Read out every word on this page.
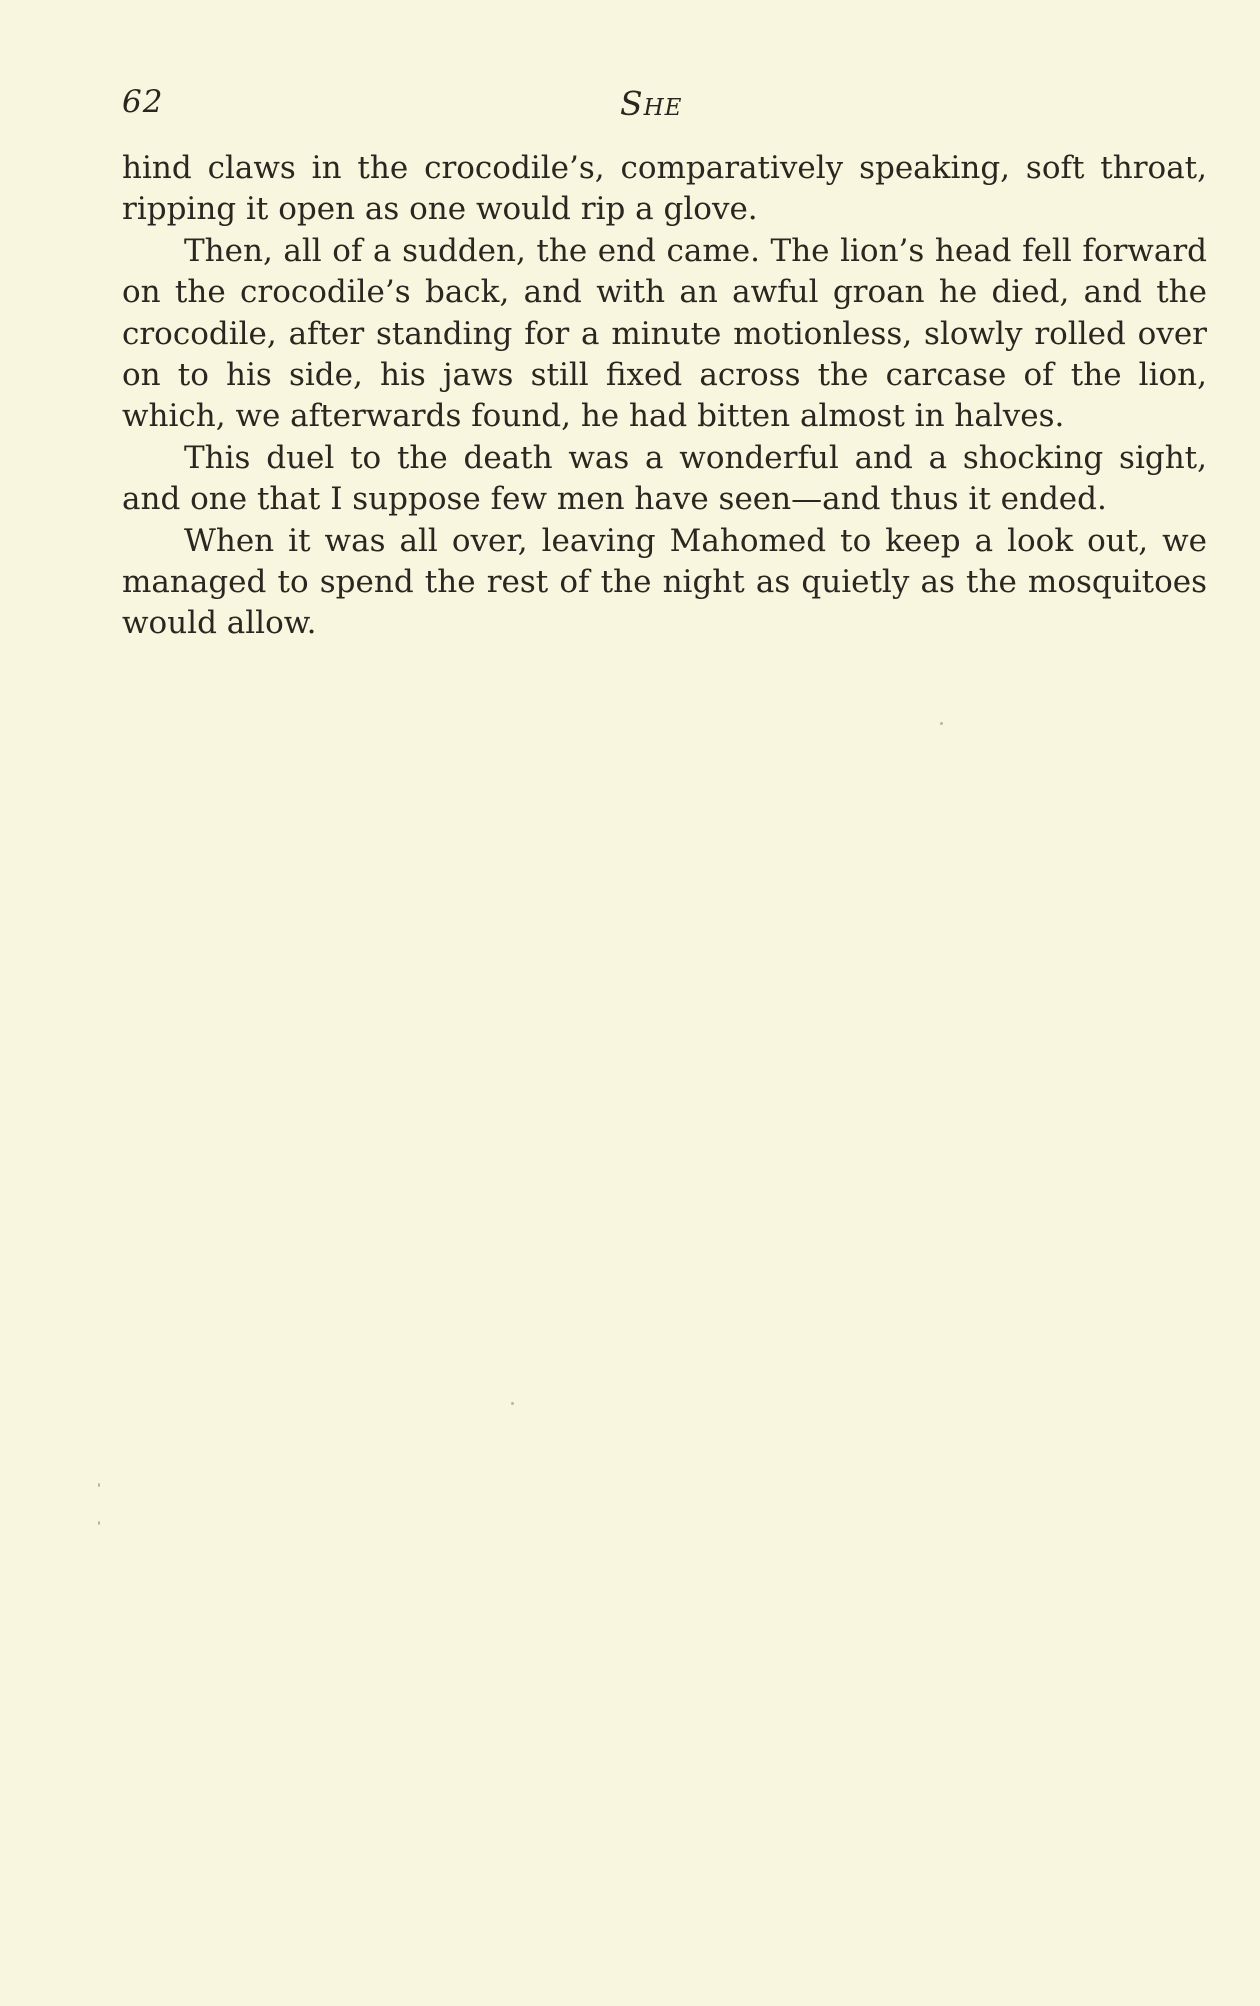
62	She

hind claws in the crocodile’s, comparatively speaking, soft throat, ripping it open as one would rip a glove.

Then, all of a sudden, the end came. The lion’s head fell forward on the crocodile’s back, and with an awful groan he died, and the crocodile, after standing for a minute motionless, slowly rolled over on to his side, his jaws still fixed across the carcase of the lion, which, we afterwards found, he had bitten almost in halves.

This duel to the death was a wonderful and a shocking sight, and one that I suppose few men have seen—and thus it ended.

When it was all over, leaving Mahomed to keep a look out, we managed to spend the rest of the night as quietly as the mosquitoes would allow.
